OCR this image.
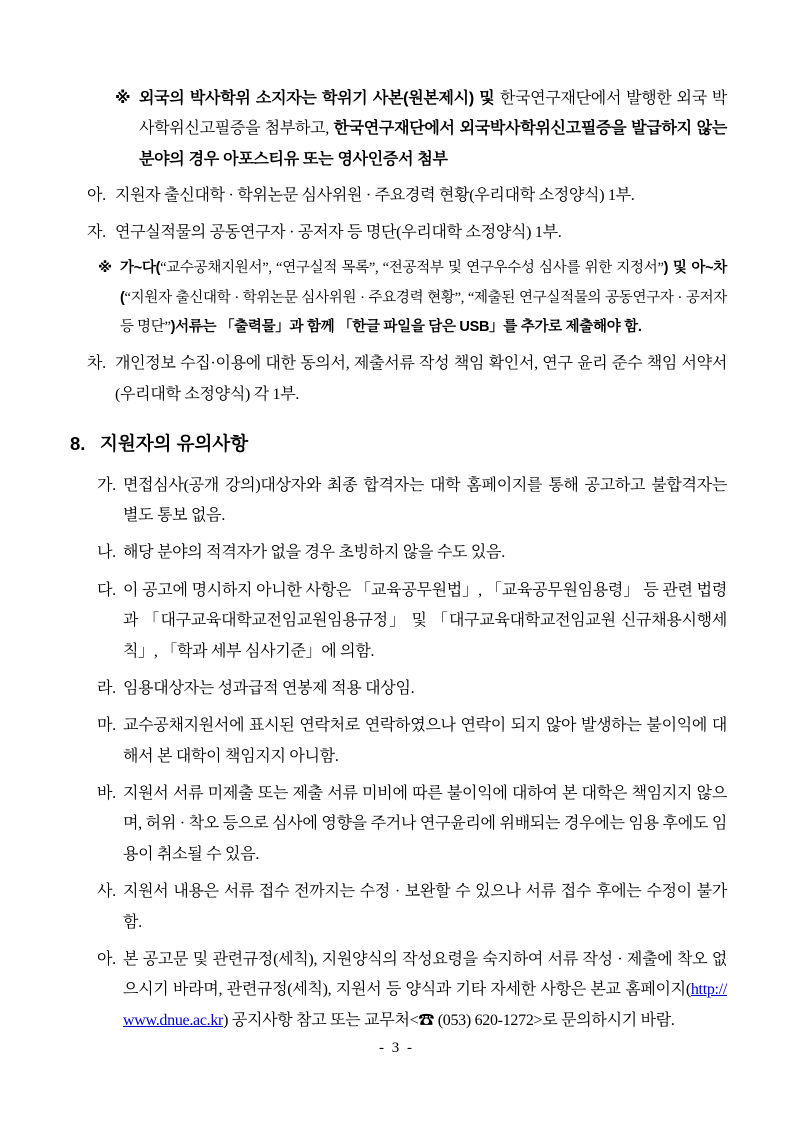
※ 외국의 박사학위 소지자는 학위기 사본(원본제시) 및 한국연구재단에서 발행한 외국 박사학위신고필증을 첨부하고, 한국연구재단에서 외국박사학위신고필증을 발급하지 않는 분야의 경우 아포스티유 또는 영사인증서 첨부
아. 지원자 출신대학 · 학위논문 심사위원 · 주요경력 현황(우리대학 소정양식) 1부.
자. 연구실적물의 공동연구자 · 공저자 등 명단(우리대학 소정양식) 1부.
※ 가~다(“교수공채지원서”, “연구실적 목록”, “전공적부 및 연구우수성 심사를 위한 지정서”) 및 아~차(“지원자 출신대학 · 학위논문 심사위원 · 주요경력 현황”, “제출된 연구실적물의 공동연구자 · 공저자 등 명단”)서류는 「출력물」과 함께 「한글 파일을 담은 USB」를 추가로 제출해야 함.
차. 개인정보 수집·이용에 대한 동의서, 제출서류 작성 책임 확인서, 연구 윤리 준수 책임 서약서(우리대학 소정양식) 각 1부.
8. 지원자의 유의사항
가. 면접심사(공개 강의)대상자와 최종 합격자는 대학 홈페이지를 통해 공고하고 불합격자는 별도 통보 없음.
나. 해당 분야의 적격자가 없을 경우 초빙하지 않을 수도 있음.
다. 이 공고에 명시하지 아니한 사항은 「교육공무원법」, 「교육공무원임용령」 등 관련 법령과 「대구교육대학교전임교원임용규정」 및 「대구교육대학교전임교원 신규채용시행세칙」, 「학과 세부 심사기준」에 의함.
라. 임용대상자는 성과급적 연봉제 적용 대상임.
마. 교수공채지원서에 표시된 연락처로 연락하였으나 연락이 되지 않아 발생하는 불이익에 대해서 본 대학이 책임지지 아니함.
바. 지원서 서류 미제출 또는 제출 서류 미비에 따른 불이익에 대하여 본 대학은 책임지지 않으며, 허위 · 착오 등으로 심사에 영향을 주거나 연구윤리에 위배되는 경우에는 임용 후에도 임용이 취소될 수 있음.
사. 지원서 내용은 서류 접수 전까지는 수정 · 보완할 수 있으나 서류 접수 후에는 수정이 불가함.
아. 본 공고문 및 관련규정(세칙), 지원양식의 작성요령을 숙지하여 서류 작성 · 제출에 착오 없으시기 바라며, 관련규정(세칙), 지원서 등 양식과 기타 자세한 사항은 본교 홈페이지(http://www.dnue.ac.kr) 공지사항 참고 또는 교무처<☎ (053) 620-1272>로 문의하시기 바람.
- 3 -
